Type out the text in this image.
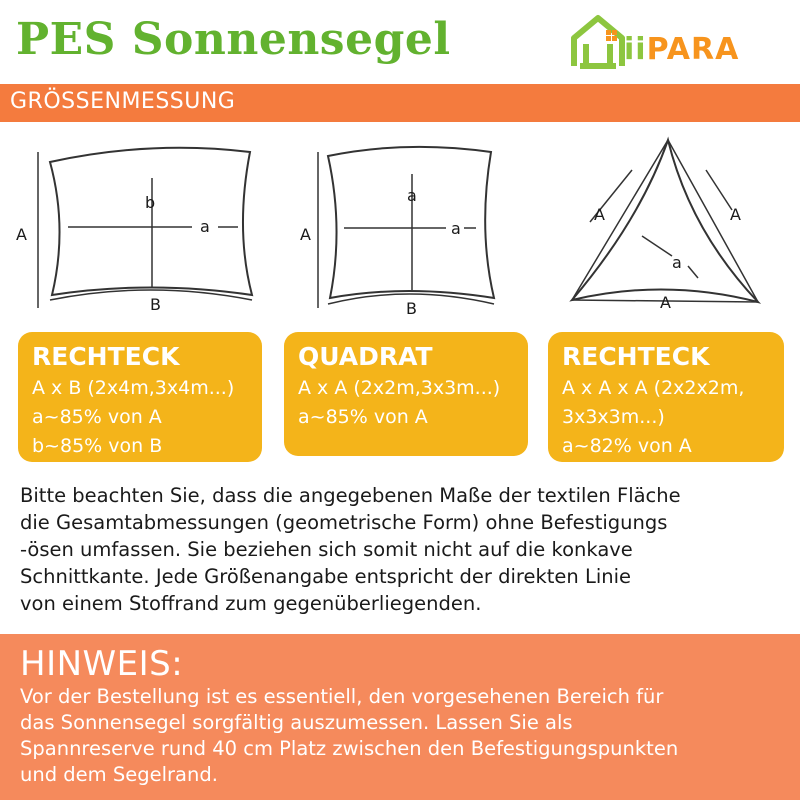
PES Sonnensegel	iiPARA
GRÖSSENMESSUNG
A
b
a
B
A
a
a
B
A	A
a
A
RECHTECK
A x B (2x4m,3x4m...)
a~85% von A
b~85% von B
QUADRAT
A x A (2x2m,3x3m...)
a~85% von A
RECHTECK
A x A x A (2x2x2m,
3x3x3m...)
a~82% von A
Bitte beachten Sie, dass die angegebenen Maße der textilen Fläche
die Gesamtabmessungen (geometrische Form) ohne Befestigungs
-ösen umfassen. Sie beziehen sich somit nicht auf die konkave
Schnittkante. Jede Größenangabe entspricht der direkten Linie
von einem Stoffrand zum gegenüberliegenden.
HINWEIS:
Vor der Bestellung ist es essentiell, den vorgesehenen Bereich für
das Sonnensegel sorgfältig auszumessen. Lassen Sie als
Spannreserve rund 40 cm Platz zwischen den Befestigungspunkten
und dem Segelrand.
